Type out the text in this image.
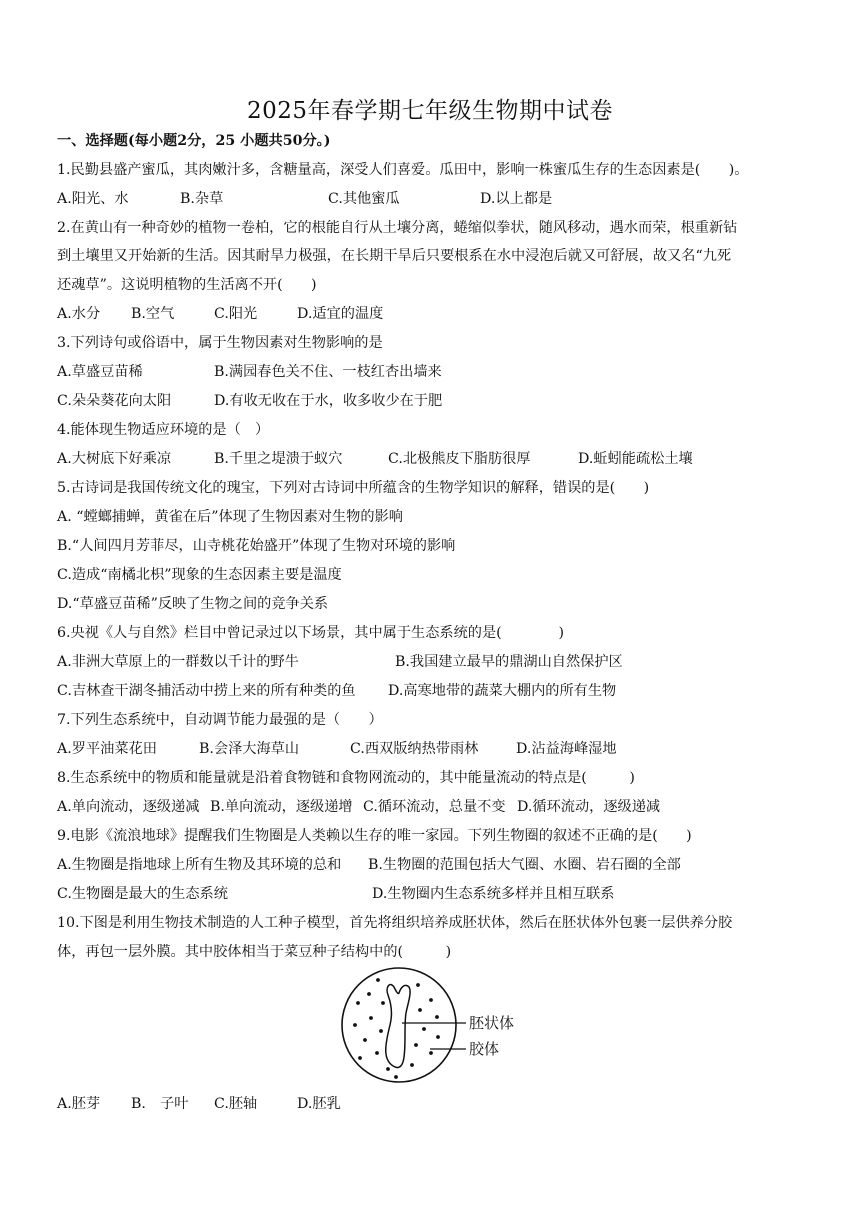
2025年春学期七年级生物期中试卷
一、选择题(每小题2分，25 小题共50分。)
1.民勤县盛产蜜瓜，其肉嫩汁多，含糖量高，深受人们喜爱。瓜田中，影响一株蜜瓜生存的生态因素是(　　)。
A.阳光、水	B.杂草	C.其他蜜瓜	D.以上都是
2.在黄山有一种奇妙的植物一卷柏，它的根能自行从土壤分离，蜷缩似拳状，随风移动，遇水而荣，根重新钻
到土壤里又开始新的生活。因其耐旱力极强，在长期干旱后只要根系在水中浸泡后就又可舒展，故又名“九死
还魂草”。这说明植物的生活离不开(　　)
A.水分 B.空气	C.阳光	D.适宜的温度
3.下列诗句或俗语中，属于生物因素对生物影响的是
A.草盛豆苗稀	B.满园春色关不住、一枝红杏出墙来
C.朵朵葵花向太阳	D.有收无收在于水，收多收少在于肥
4.能体现生物适应环境的是（　）
A.大树底下好乘凉	B.千里之堤溃于蚁穴	C.北极熊皮下脂肪很厚	D.蚯蚓能疏松土壤
5.古诗词是我国传统文化的瑰宝，下列对古诗词中所蕴含的生物学知识的解释，错误的是(　　)
A. “螳螂捕蝉，黄雀在后”体现了生物因素对生物的影响
B.“人间四月芳菲尽，山寺桃花始盛开”体现了生物对环境的影响
C.造成“南橘北枳”现象的生态因素主要是温度
D.“草盛豆苗稀”反映了生物之间的竞争关系
6.央视《人与自然》栏目中曾记录过以下场景，其中属于生态系统的是(　　　　)
A.非洲大草原上的一群数以千计的野牛	B.我国建立最早的鼎湖山自然保护区
C.吉林查干湖冬捕活动中捞上来的所有种类的鱼 D.高寒地带的蔬菜大棚内的所有生物
7.下列生态系统中，自动调节能力最强的是（　　）
A.罗平油菜花田	B.会泽大海草山	C.西双版纳热带雨林	D.沾益海峰湿地
8.生态系统中的物质和能量就是沿着食物链和食物网流动的，其中能量流动的特点是(　　　)
A.单向流动，逐级递减 B.单向流动，逐级递增 C.循环流动，总量不变 D.循环流动，逐级递减
9.电影《流浪地球》提醒我们生物圈是人类赖以生存的唯一家园。下列生物圈的叙述不正确的是(　　)
A.生物圈是指地球上所有生物及其环境的总和 B.生物圈的范围包括大气圈、水圈、岩石圈的全部
C.生物圈是最大的生态系统	D.生物圈内生态系统多样并且相互联系
10.下图是利用生物技术制造的人工种子模型，首先将组织培养成胚状体，然后在胚状体外包裹一层供养分胶
体，再包一层外膜。其中胶体相当于菜豆种子结构中的(　　　)
胚状体
胶体
A.胚芽 B.　子叶 C.胚轴	D.胚乳
